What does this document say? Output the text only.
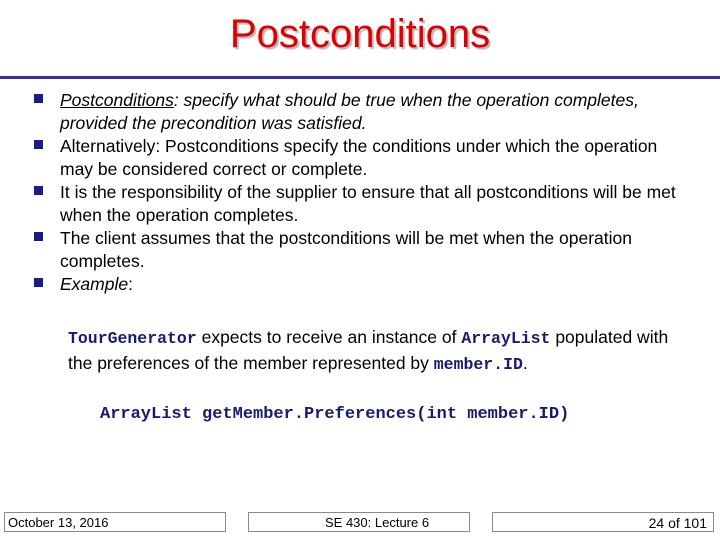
Postconditions
Postconditions: specify what should be true when the operation completes, provided the precondition was satisfied.
Alternatively: Postconditions specify the conditions under which the operation may be considered correct or complete.
It is the responsibility of the supplier to ensure that all postconditions will be met when the operation completes.
The client assumes that the postconditions will be met when the operation completes.
Example:
TourGenerator expects to receive an instance of ArrayList populated with the preferences of the member represented by member.ID.
ArrayList getMember.Preferences(int member.ID)
October 13, 2016	SE 430: Lecture 6	24 of 101
